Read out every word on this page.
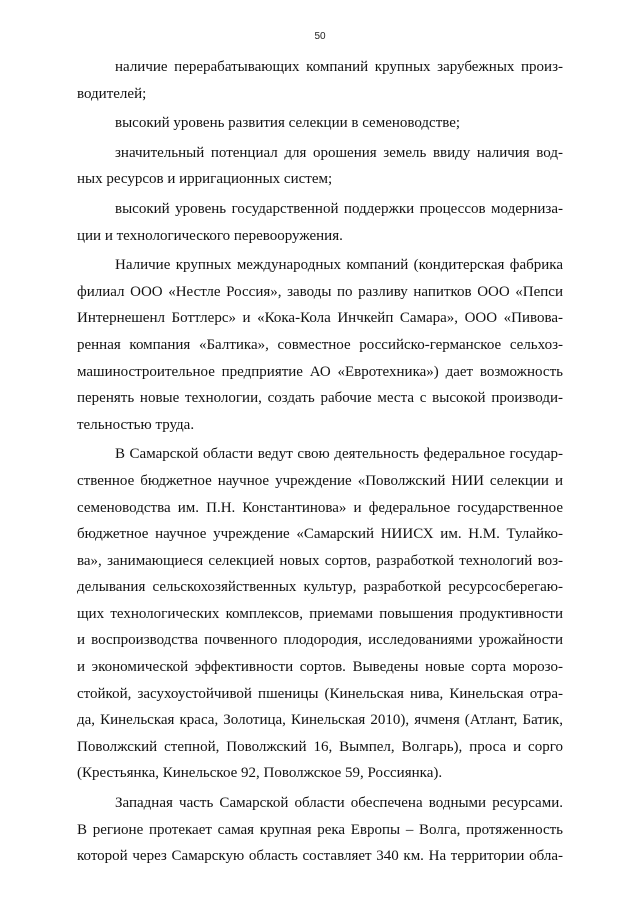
50
наличие перерабатывающих компаний крупных зарубежных произ-
водителей;
высокий уровень развития селекции в семеноводстве;
значительный потенциал для орошения земель ввиду наличия вод-
ных ресурсов и ирригационных систем;
высокий уровень государственной поддержки процессов модерниза-
ции и технологического перевооружения.
Наличие крупных международных компаний (кондитерская фабрика
филиал ООО «Нестле Россия», заводы по разливу напитков ООО «Пепси
Интернешенл Боттлерс» и «Кока-Кола Инчкейп Самара», ООО «Пивова-
ренная компания «Балтика», совместное российско-германское сельхоз-
машиностроительное предприятие АО «Евротехника») дает возможность
перенять новые технологии, создать рабочие места с высокой производи-
тельностью труда.
В Самарской области ведут свою деятельность федеральное государ-
ственное бюджетное научное учреждение «Поволжский НИИ селекции и
семеноводства им. П.Н. Константинова» и федеральное государственное
бюджетное научное учреждение «Самарский НИИСХ им. Н.М. Тулайко-
ва», занимающиеся селекцией новых сортов, разработкой технологий воз-
делывания сельскохозяйственных культур, разработкой ресурсосберегаю-
щих технологических комплексов, приемами повышения продуктивности
и воспроизводства почвенного плодородия, исследованиями урожайности
и экономической эффективности сортов. Выведены новые сорта морозо-
стойкой, засухоустойчивой пшеницы (Кинельская нива, Кинельская отра-
да, Кинельская краса, Золотица, Кинельская 2010), ячменя (Атлант, Батик,
Поволжский степной, Поволжский 16, Вымпел, Волгарь), проса и сорго
(Крестьянка, Кинельское 92, Поволжское 59, Россиянка).
Западная часть Самарской области обеспечена водными ресурсами.
В регионе протекает самая крупная река Европы – Волга, протяженность
которой через Самарскую область составляет 340 км. На территории обла-
